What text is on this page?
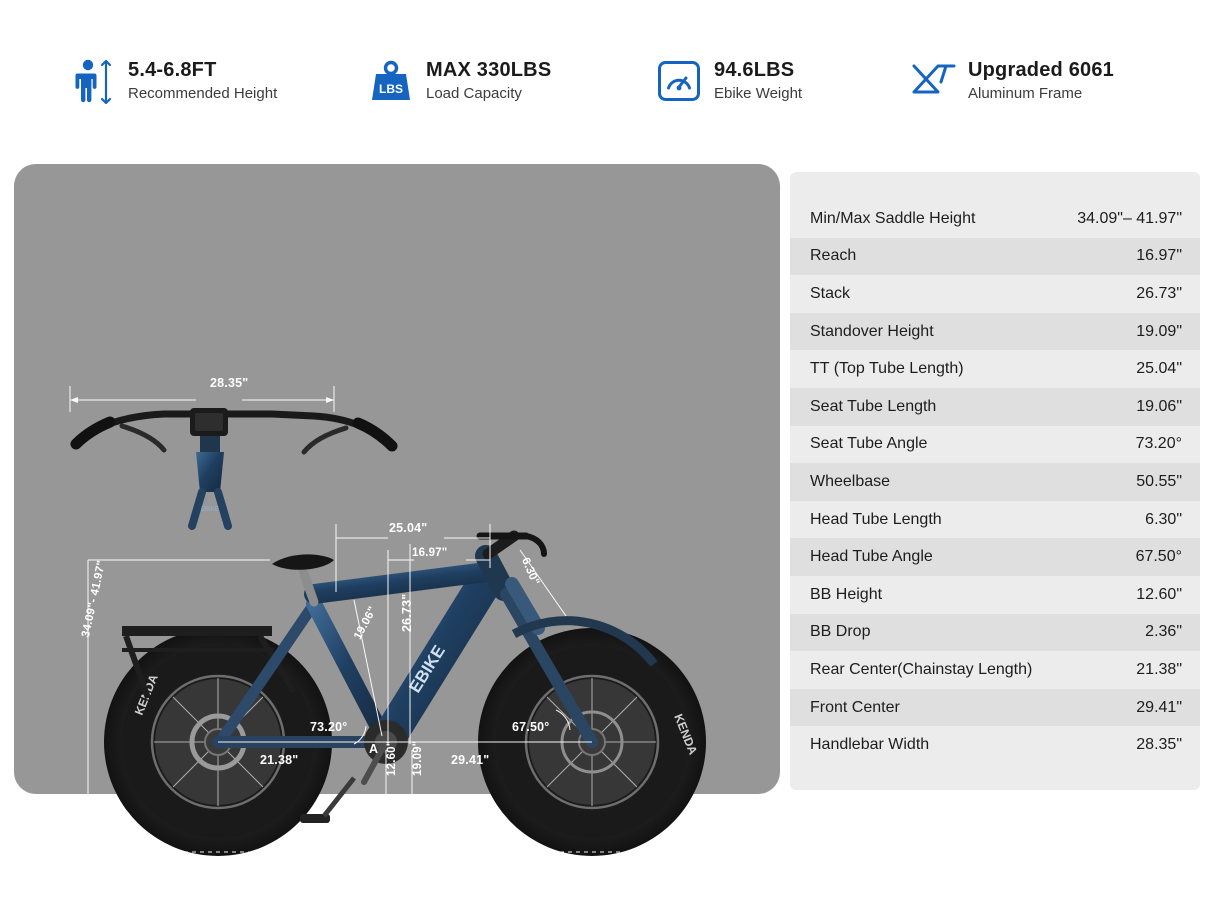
5.4-6.8FT
Recommended Height	LBS
MAX 330LBS
Load Capacity
94.6LBS
Ebike Weight
Upgraded 6061
Aluminum Frame
EBIKE
KENDA
EBIKE
28.35"
25.04"
16.97"
6.30"
26.73"
19.06"
34.09"- 41.97"
73.20°	67.50°
21.38"	29.41"
12.60" 19.09"
50.55"
A=2.36"
A
Min/Max Saddle Height	34.09"– 41.97"
Reach	16.97"
Stack	26.73"
Standover Height	19.09"
TT (Top Tube Length)	25.04"
Seat Tube Length	19.06"
Seat Tube Angle	73.20°
Wheelbase	50.55"
Head Tube Length	6.30"
Head Tube Angle	67.50°
BB Height	12.60"
BB Drop	2.36"
Rear Center(Chainstay Length)	21.38"
Front Center	29.41"
Handlebar Width	28.35"
